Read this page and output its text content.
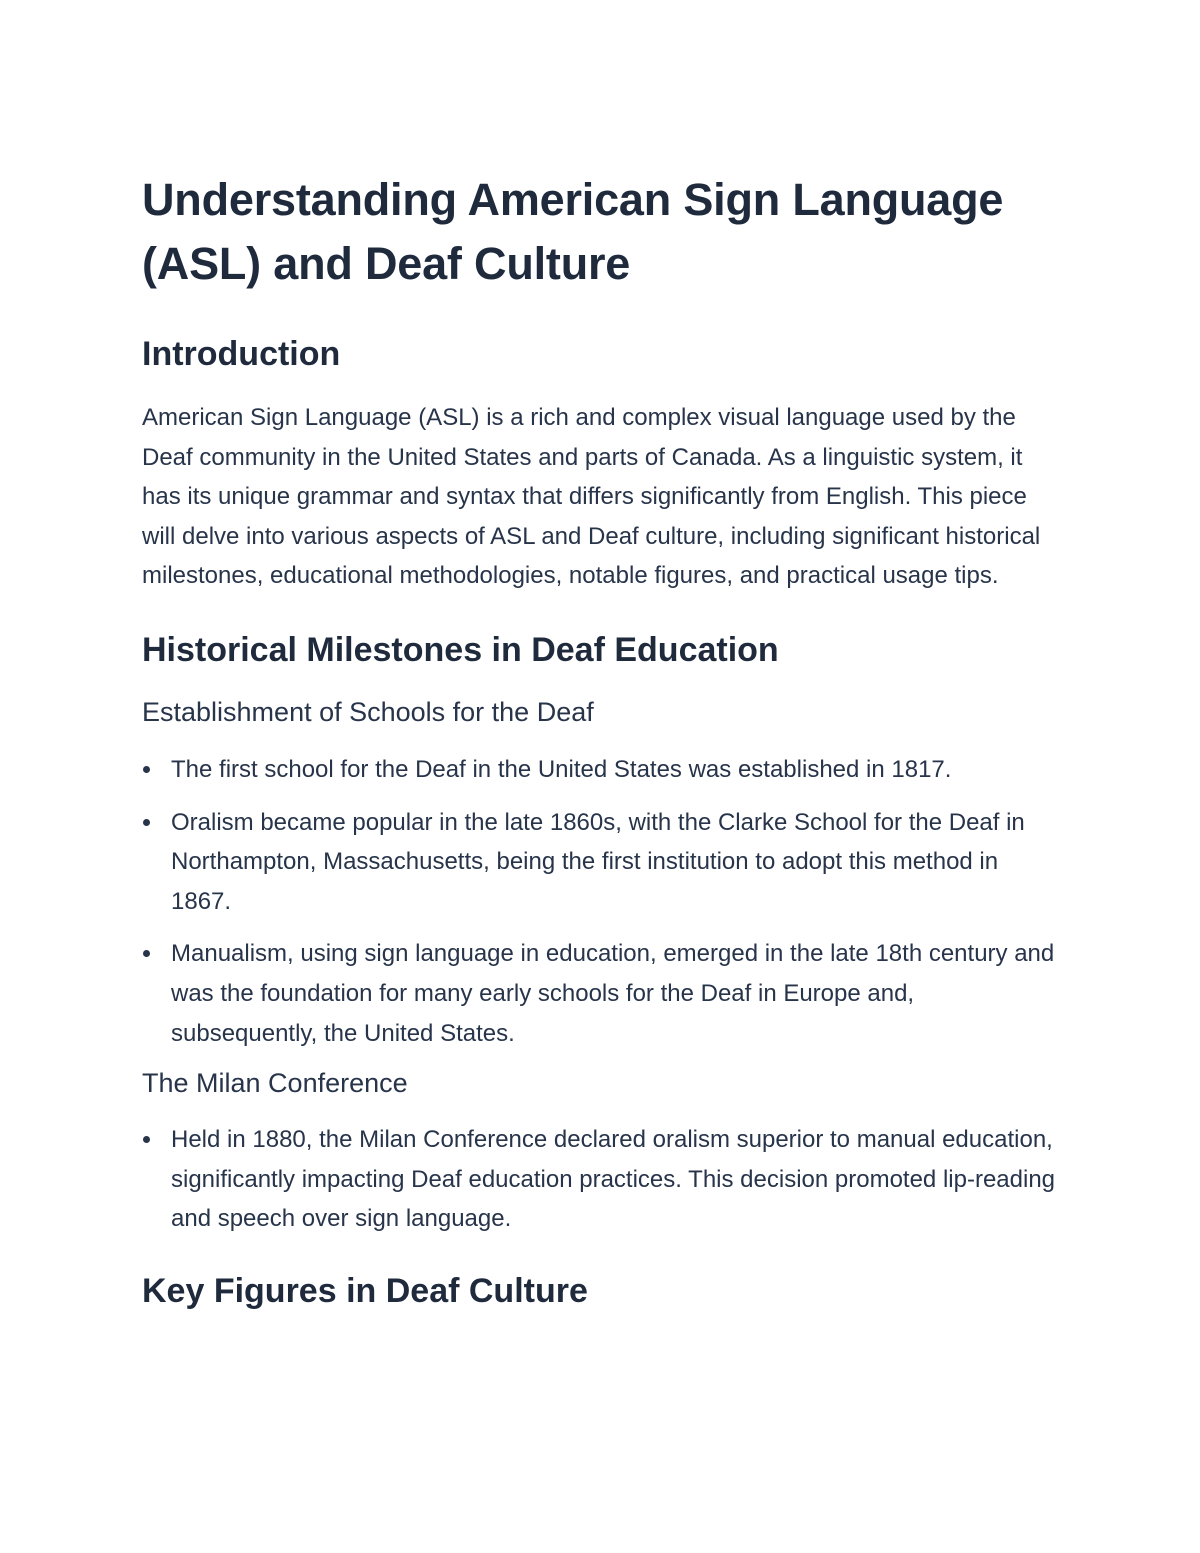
Understanding American Sign Language (ASL) and Deaf Culture
Introduction

American Sign Language (ASL) is a rich and complex visual language used by the Deaf community in the United States and parts of Canada. As a linguistic system, it has its unique grammar and syntax that differs significantly from English. This piece will delve into various aspects of ASL and Deaf culture, including significant historical milestones, educational methodologies, notable figures, and practical usage tips.

Historical Milestones in Deaf Education
Establishment of Schools for the Deaf
The first school for the Deaf in the United States was established in 1817.
Oralism became popular in the late 1860s, with the Clarke School for the Deaf in Northampton, Massachusetts, being the first institution to adopt this method in 1867.
Manualism, using sign language in education, emerged in the late 18th century and was the foundation for many early schools for the Deaf in Europe and, subsequently, the United States.
The Milan Conference
Held in 1880, the Milan Conference declared oralism superior to manual education, significantly impacting Deaf education practices. This decision promoted lip-reading and speech over sign language.
Key Figures in Deaf Culture
